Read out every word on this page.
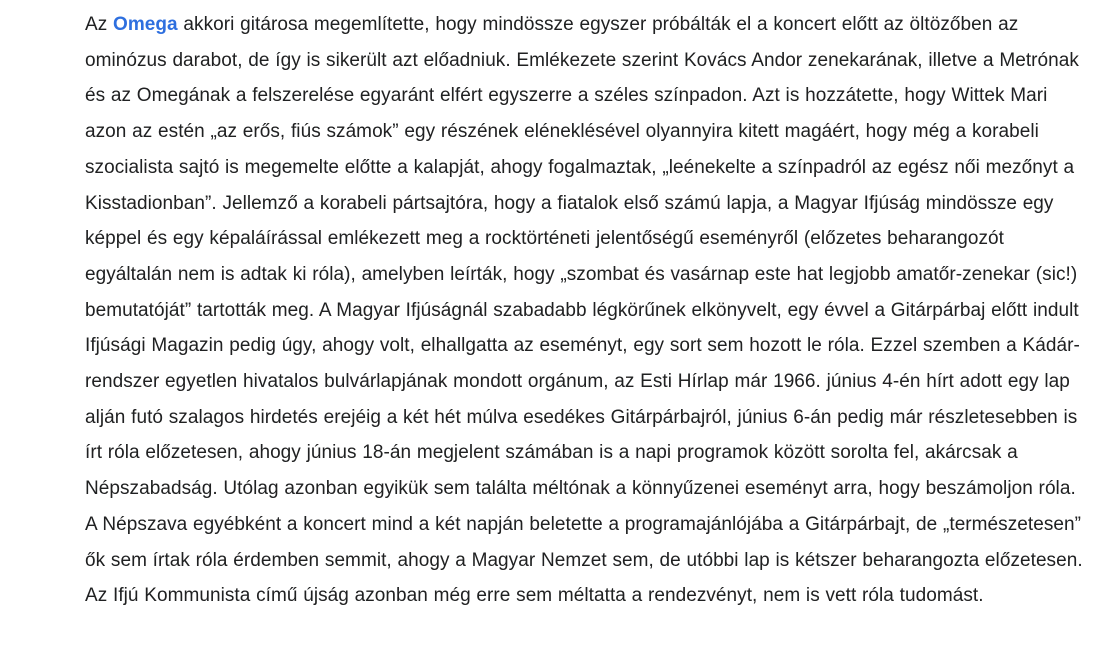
Az Omega akkori gitárosa megemlítette, hogy mindössze egyszer próbálták el a koncert előtt az öltözőben az ominózus darabot, de így is sikerült azt előadniuk. Emlékezete szerint Kovács Andor zenekarának, illetve a Metrónak és az Omegának a felszerelése egyaránt elfért egyszerre a széles színpadon. Azt is hozzátette, hogy Wittek Mari azon az estén „az erős, fiús számok” egy részének eléneklésével olyannyira kitett magáért, hogy még a korabeli szocialista sajtó is megemelte előtte a kalapját, ahogy fogalmaztak, „leénekelte a színpadról az egész női mezőnyt a Kisstadionban”. Jellemző a korabeli pártsajtóra, hogy a fiatalok első számú lapja, a Magyar Ifjúság mindössze egy képpel és egy képaláírással emlékezett meg a rocktörténeti jelentőségű eseményről (előzetes beharangozót egyáltalán nem is adtak ki róla), amelyben leírták, hogy „szombat és vasárnap este hat legjobb amatőr-zenekar (sic!) bemutatóját” tartották meg. A Magyar Ifjúságnál szabadabb légkörűnek elkönyvelt, egy évvel a Gitárpárbaj előtt indult Ifjúsági Magazin pedig úgy, ahogy volt, elhallgatta az eseményt, egy sort sem hozott le róla. Ezzel szemben a Kádár-rendszer egyetlen hivatalos bulvárlapjának mondott orgánum, az Esti Hírlap már 1966. június 4-én hírt adott egy lap alján futó szalagos hirdetés erejéig a két hét múlva esedékes Gitárpárbajról, június 6-án pedig már részletesebben is írt róla előzetesen, ahogy június 18-án megjelent számában is a napi programok között sorolta fel, akárcsak a Népszabadság. Utólag azonban egyikük sem találta méltónak a könnyűzenei eseményt arra, hogy beszámoljon róla. A Népszava egyébként a koncert mind a két napján beletette a programajánlójába a Gitárpárbajt, de „természetesen” ők sem írtak róla érdemben semmit, ahogy a Magyar Nemzet sem, de utóbbi lap is kétszer beharangozta előzetesen. Az Ifjú Kommunista című újság azonban még erre sem méltatta a rendezvényt, nem is vett róla tudomást.
